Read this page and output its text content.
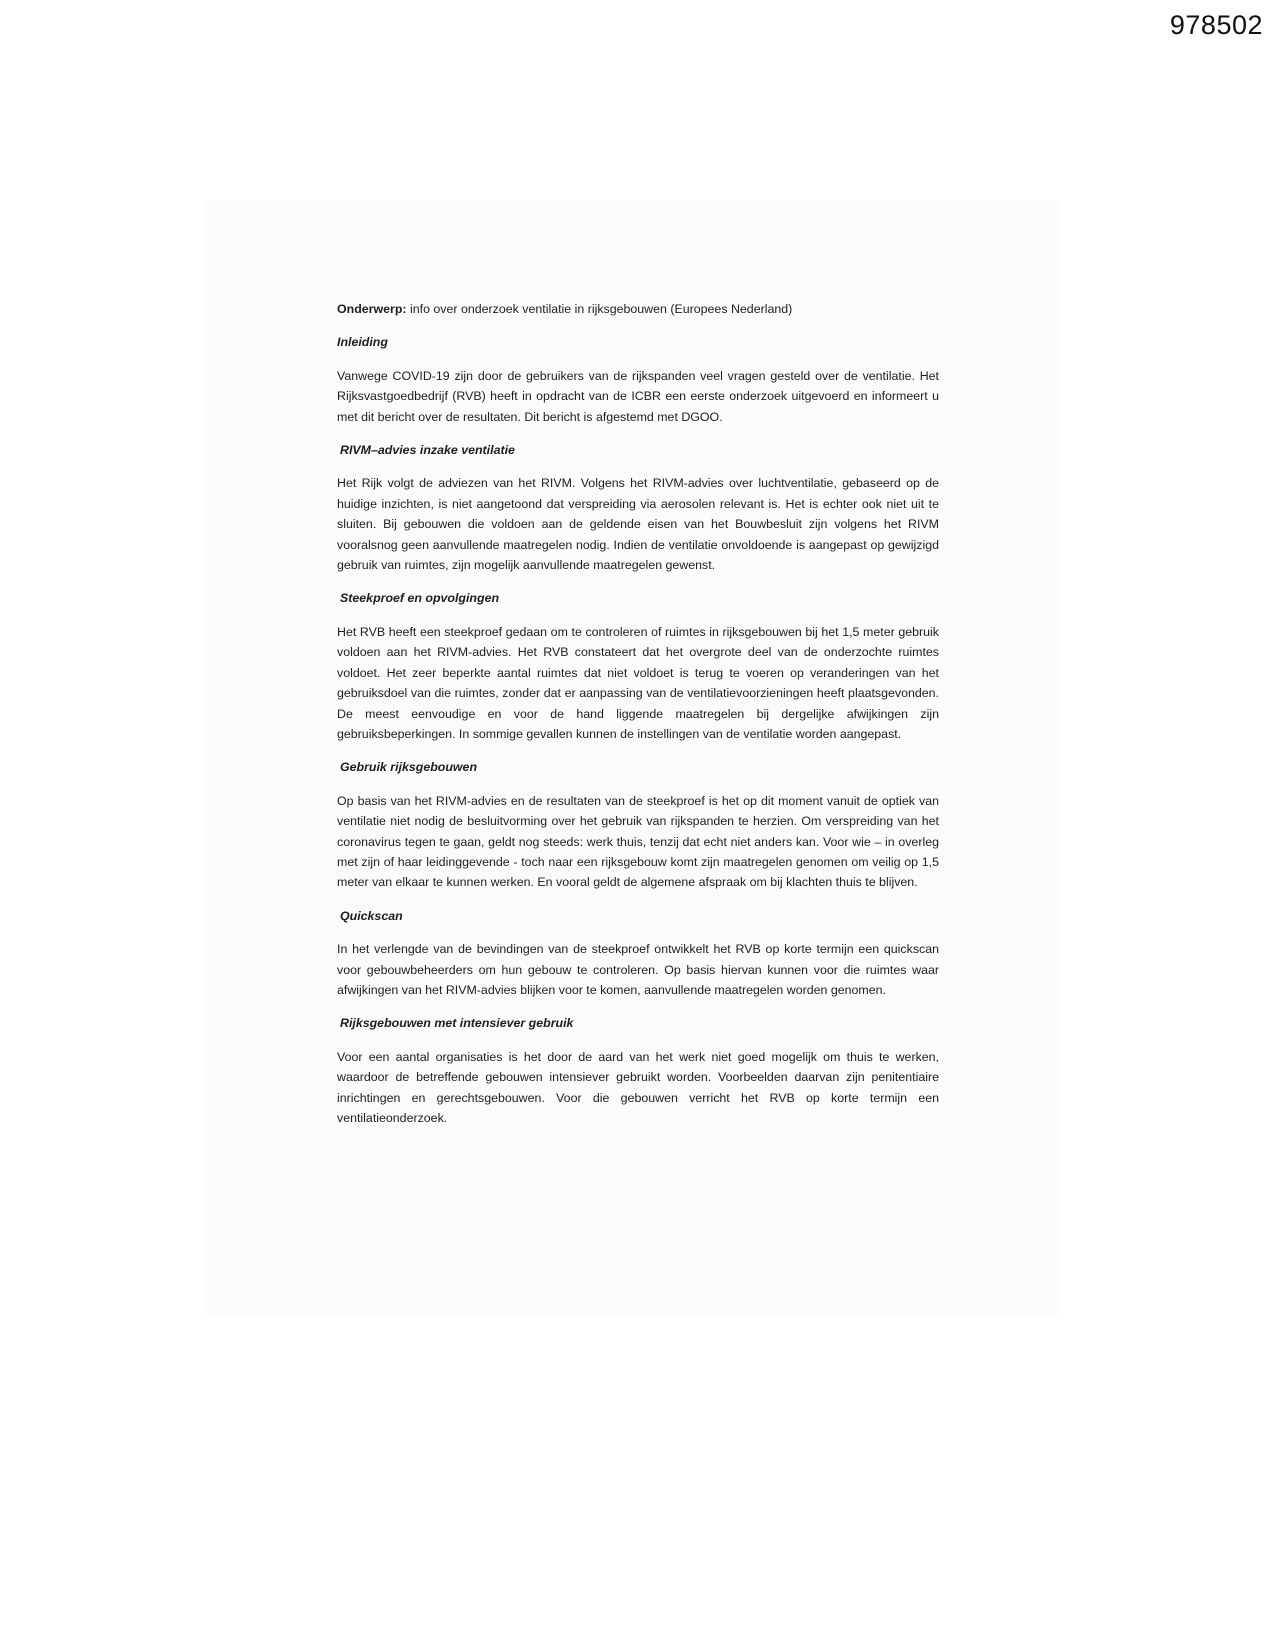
978502

Onderwerp: info over onderzoek ventilatie in rijksgebouwen (Europees Nederland)

Inleiding

Vanwege COVID-19 zijn door de gebruikers van de rijkspanden veel vragen gesteld over de ventilatie. Het Rijksvastgoedbedrijf (RVB) heeft in opdracht van de ICBR een eerste onderzoek uitgevoerd en informeert u met dit bericht over de resultaten. Dit bericht is afgestemd met DGOO.

RIVM–advies inzake ventilatie

Het Rijk volgt de adviezen van het RIVM. Volgens het RIVM-advies over luchtventilatie, gebaseerd op de huidige inzichten, is niet aangetoond dat verspreiding via aerosolen relevant is. Het is echter ook niet uit te sluiten. Bij gebouwen die voldoen aan de geldende eisen van het Bouwbesluit zijn volgens het RIVM vooralsnog geen aanvullende maatregelen nodig. Indien de ventilatie onvoldoende is aangepast op gewijzigd gebruik van ruimtes, zijn mogelijk aanvullende maatregelen gewenst.

Steekproef en opvolgingen

Het RVB heeft een steekproef gedaan om te controleren of ruimtes in rijksgebouwen bij het 1,5 meter gebruik voldoen aan het RIVM-advies. Het RVB constateert dat het overgrote deel van de onderzochte ruimtes voldoet. Het zeer beperkte aantal ruimtes dat niet voldoet is terug te voeren op veranderingen van het gebruiksdoel van die ruimtes, zonder dat er aanpassing van de ventilatievoorzieningen heeft plaatsgevonden. De meest eenvoudige en voor de hand liggende maatregelen bij dergelijke afwijkingen zijn gebruiksbeperkingen. In sommige gevallen kunnen de instellingen van de ventilatie worden aangepast.

Gebruik rijksgebouwen

Op basis van het RIVM-advies en de resultaten van de steekproef is het op dit moment vanuit de optiek van ventilatie niet nodig de besluitvorming over het gebruik van rijkspanden te herzien. Om verspreiding van het coronavirus tegen te gaan, geldt nog steeds: werk thuis, tenzij dat echt niet anders kan. Voor wie – in overleg met zijn of haar leidinggevende - toch naar een rijksgebouw komt zijn maatregelen genomen om veilig op 1,5 meter van elkaar te kunnen werken. En vooral geldt de algemene afspraak om bij klachten thuis te blijven.

Quickscan

In het verlengde van de bevindingen van de steekproef ontwikkelt het RVB op korte termijn een quickscan voor gebouwbeheerders om hun gebouw te controleren. Op basis hiervan kunnen voor die ruimtes waar afwijkingen van het RIVM-advies blijken voor te komen, aanvullende maatregelen worden genomen.

Rijksgebouwen met intensiever gebruik

Voor een aantal organisaties is het door de aard van het werk niet goed mogelijk om thuis te werken, waardoor de betreffende gebouwen intensiever gebruikt worden. Voorbeelden daarvan zijn penitentiaire inrichtingen en gerechtsgebouwen. Voor die gebouwen verricht het RVB op korte termijn een ventilatieonderzoek.
